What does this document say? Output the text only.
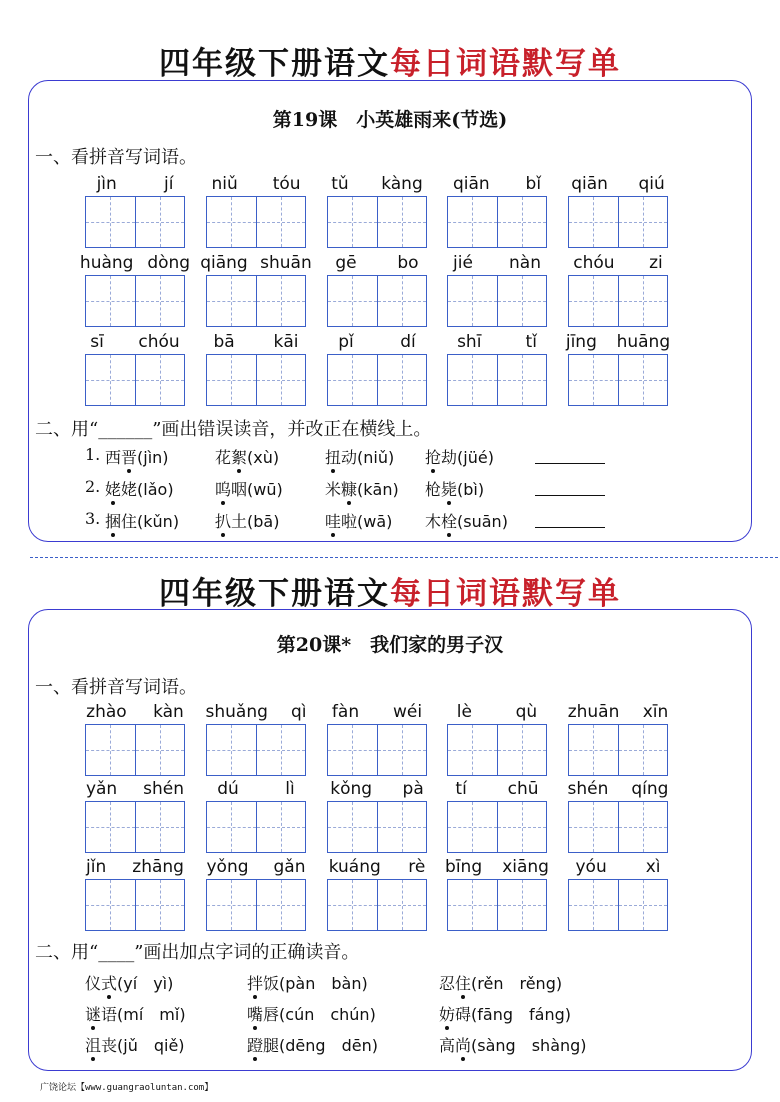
四年级下册语文每日词语默写单
第19课　小英雄雨来(节选)
一、看拼音写词语。
jìn	jí niǔ tóu tǔ kàng qiān bǐ qiān qiú
huàng dòng qiāng shuān gē bo jié nàn chóu zi
sī chóu bā kāi pǐ	dí shī	tǐ jīng huāng
二、用“______”画出错误读音，并改正在横线上。
1. 西晋(jìn)	花絮(xù)	扭动(niǔ) 抢劫(jüé)
2. 姥姥(lǎo)	呜咽(wū)	米糠(kān) 枪毙(bì)
3. 捆住(kǔn) 扒土(bā)	哇啦(wā) 木栓(suān)
四年级下册语文每日词语默写单
第20课*　我们家的男子汉
一、看拼音写词语。
zhào kàn shuǎng qì fàn wéi lè	qù zhuān xīn
yǎn shén dú	lì kǒng pà tí chū shén qíng
jǐn zhāng yǒng gǎn kuáng rè bīng xiāng yóu xì
二、用“____”画出加点字词的正确读音。
仪式(yí　yì)	拌饭(pàn　bàn)	忍住(rěn　rěng)
谜语(mí　mǐ)	嘴唇(cún　chún)	妨碍(fāng　fáng)
沮丧(jǔ　qiě)	蹬腿(dēng　dēn)	高尚(sàng　shàng)
广饶论坛【www.guangraoluntan.com】
